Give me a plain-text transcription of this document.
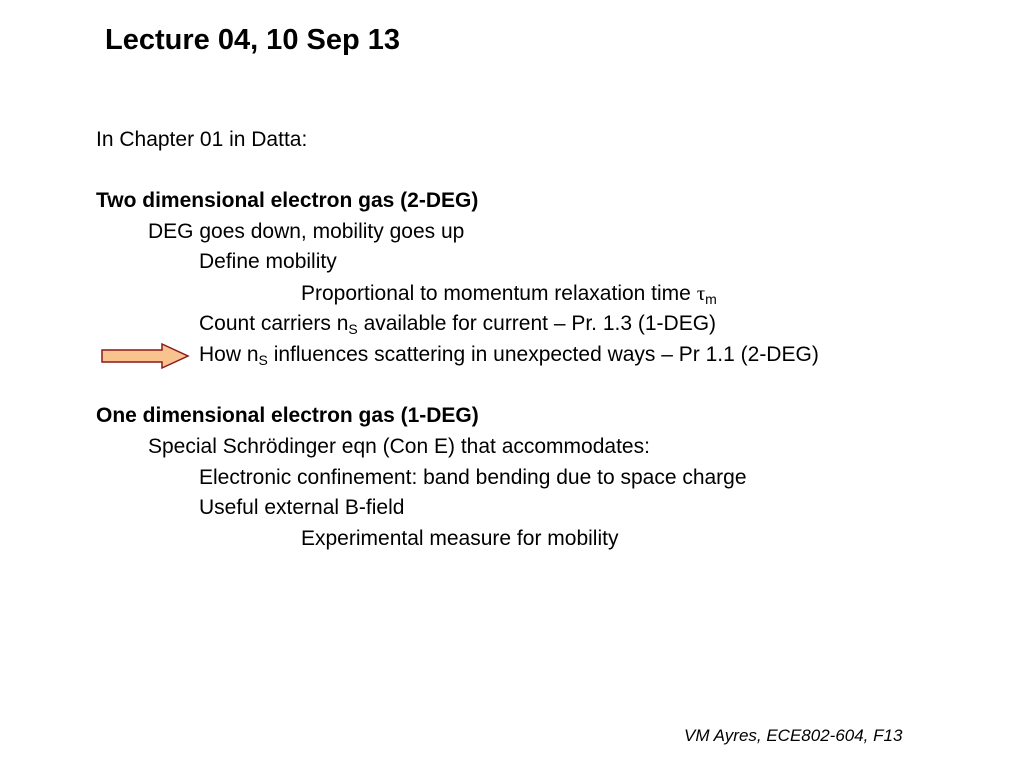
Lecture 04, 10 Sep 13
In Chapter 01 in Datta:
Two dimensional electron gas (2-DEG)
DEG goes down, mobility goes up
Define mobility
Proportional to momentum relaxation time $\tau_m$
Count carriers $n_S$ available for current – Pr. 1.3 (1-DEG)
How $n_S$ influences scattering in unexpected ways – Pr 1.1 (2-DEG)
One dimensional electron gas (1-DEG)
Special Schrödinger eqn (Con E) that accommodates:
Electronic confinement: band bending due to space charge
Useful external B-field
Experimental measure for mobility
VM Ayres, ECE802-604, F13
